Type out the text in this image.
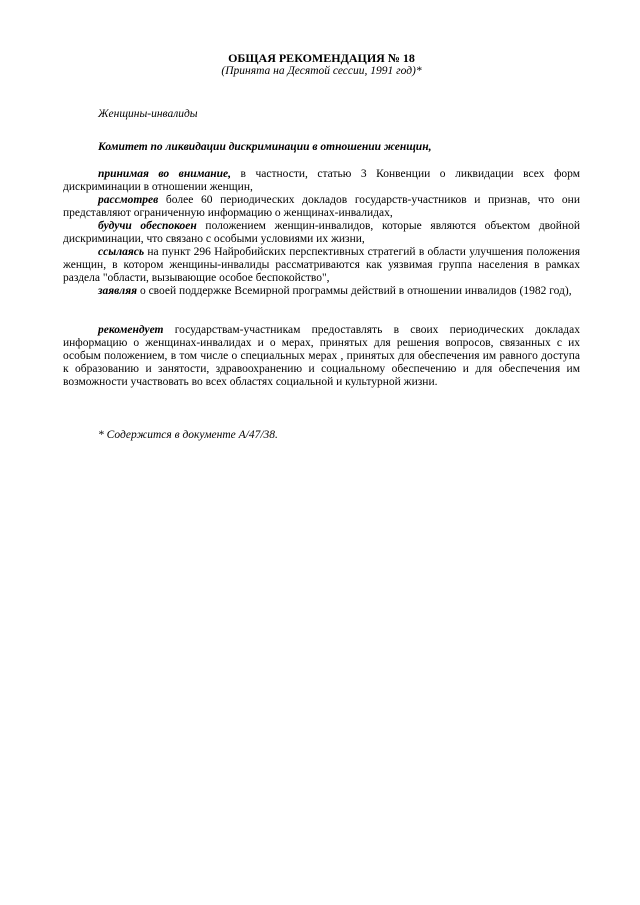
ОБЩАЯ РЕКОМЕНДАЦИЯ № 18

(Принята на Десятой сессии, 1991 год)*

Женщины-инвалиды

Комитет по ликвидации дискриминации в отношении женщин,

принимая во внимание, в частности, статью 3 Конвенции о ликвидации всех форм дискриминации в отношении женщин,

рассмотрев более 60 периодических докладов государств-участников и признав, что они представляют ограниченную информацию о женщинах-инвалидах,

будучи обеспокоен положением женщин-инвалидов, которые являются объектом двойной дискриминации, что связано с особыми условиями их жизни,

ссылаясь на пункт 296 Найробийских перспективных стратегий в области улучшения положения женщин, в котором женщины-инвалиды рассматриваются как уязвимая группа населения в рамках раздела "области, вызывающие особое беспокойство",

заявляя о своей поддержке Всемирной программы действий в отношении инвалидов (1982 год),

рекомендует государствам-участникам предоставлять в своих периодических докладах информацию о женщинах-инвалидах и о мерах, принятых для решения вопросов, связанных с их особым положением, в том числе о специальных мерах , принятых для обеспечения им равного доступа к образованию и занятости, здравоохранению и социальному обеспечению и для обеспечения им возможности участвовать во всех областях социальной и культурной жизни.

* Содержится в документе A/47/38.
